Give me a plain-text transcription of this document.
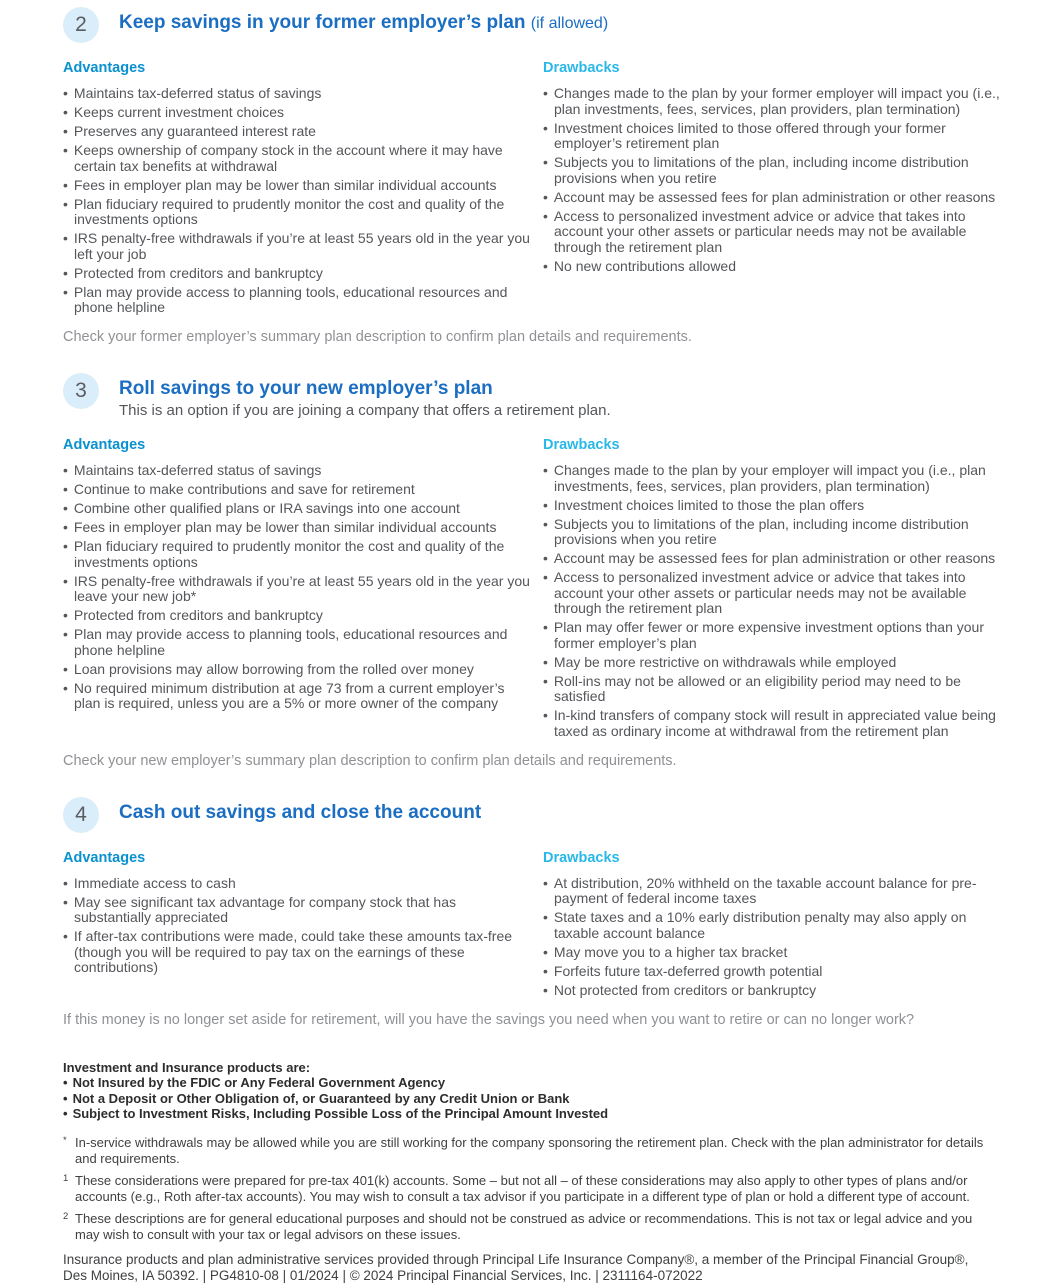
2	Keep savings in your former employer’s plan (if allowed)
Advantages
• Maintains tax-deferred status of savings
• Keeps current investment choices
• Preserves any guaranteed interest rate
• Keeps ownership of company stock in the account where it may have certain tax benefits at withdrawal
• Fees in employer plan may be lower than similar individual accounts
• Plan fiduciary required to prudently monitor the cost and quality of the investments options
• IRS penalty-free withdrawals if you’re at least 55 years old in the year you left your job
• Protected from creditors and bankruptcy
• Plan may provide access to planning tools, educational resources and phone helpline
Drawbacks
• Changes made to the plan by your former employer will impact you (i.e., plan investments, fees, services, plan providers, plan termination)
• Investment choices limited to those offered through your former employer’s retirement plan
• Subjects you to limitations of the plan, including income distribution provisions when you retire
• Account may be assessed fees for plan administration or other reasons
• Access to personalized investment advice or advice that takes into account your other assets or particular needs may not be available through the retirement plan
• No new contributions allowed

Check your former employer’s summary plan description to confirm plan details and requirements.

3	Roll savings to your new employer’s plan

This is an option if you are joining a company that offers a retirement plan.

Advantages
• Maintains tax-deferred status of savings
• Continue to make contributions and save for retirement
• Combine other qualified plans or IRA savings into one account
• Fees in employer plan may be lower than similar individual accounts
• Plan fiduciary required to prudently monitor the cost and quality of the investments options
• IRS penalty-free withdrawals if you’re at least 55 years old in the year you leave your new job*
• Protected from creditors and bankruptcy
• Plan may provide access to planning tools, educational resources and phone helpline
• Loan provisions may allow borrowing from the rolled over money
• No required minimum distribution at age 73 from a current employer’s plan is required, unless you are a 5% or more owner of the company
Drawbacks
• Changes made to the plan by your employer will impact you (i.e., plan investments, fees, services, plan providers, plan termination)
• Investment choices limited to those the plan offers
• Subjects you to limitations of the plan, including income distribution provisions when you retire
• Account may be assessed fees for plan administration or other reasons
• Access to personalized investment advice or advice that takes into account your other assets or particular needs may not be available through the retirement plan
• Plan may offer fewer or more expensive investment options than your former employer’s plan
• May be more restrictive on withdrawals while employed
• Roll-ins may not be allowed or an eligibility period may need to be satisfied
• In-kind transfers of company stock will result in appreciated value being taxed as ordinary income at withdrawal from the retirement plan

Check your new employer’s summary plan description to confirm plan details and requirements.

4	Cash out savings and close the account
Advantages
• Immediate access to cash
• May see significant tax advantage for company stock that has substantially appreciated
• If after-tax contributions were made, could take these amounts tax-free (though you will be required to pay tax on the earnings of these contributions)
Drawbacks
• At distribution, 20% withheld on the taxable account balance for pre-payment of federal income taxes
• State taxes and a 10% early distribution penalty may also apply on taxable account balance
• May move you to a higher tax bracket
• Forfeits future tax-deferred growth potential
• Not protected from creditors or bankruptcy

If this money is no longer set aside for retirement, will you have the savings you need when you want to retire or can no longer work?

Investment and Insurance products are:

• Not Insured by the FDIC or Any Federal Government Agency
• Not a Deposit or Other Obligation of, or Guaranteed by any Credit Union or Bank
• Subject to Investment Risks, Including Possible Loss of the Principal Amount Invested

* In-service withdrawals may be allowed while you are still working for the company sponsoring the retirement plan. Check with the plan administrator for details and requirements.

1 These considerations were prepared for pre-tax 401(k) accounts. Some – but not all – of these considerations may also apply to other types of plans and/or accounts (e.g., Roth after-tax accounts). You may wish to consult a tax advisor if you participate in a different type of plan or hold a different type of account.

2 These descriptions are for general educational purposes and should not be construed as advice or recommendations. This is not tax or legal advice and you may wish to consult with your tax or legal advisors on these issues.

Insurance products and plan administrative services provided through Principal Life Insurance Company®, a member of the Principal Financial Group®,

Des Moines, IA 50392. | PG4810-08 | 01/2024 | © 2024 Principal Financial Services, Inc. | 2311164-072022
